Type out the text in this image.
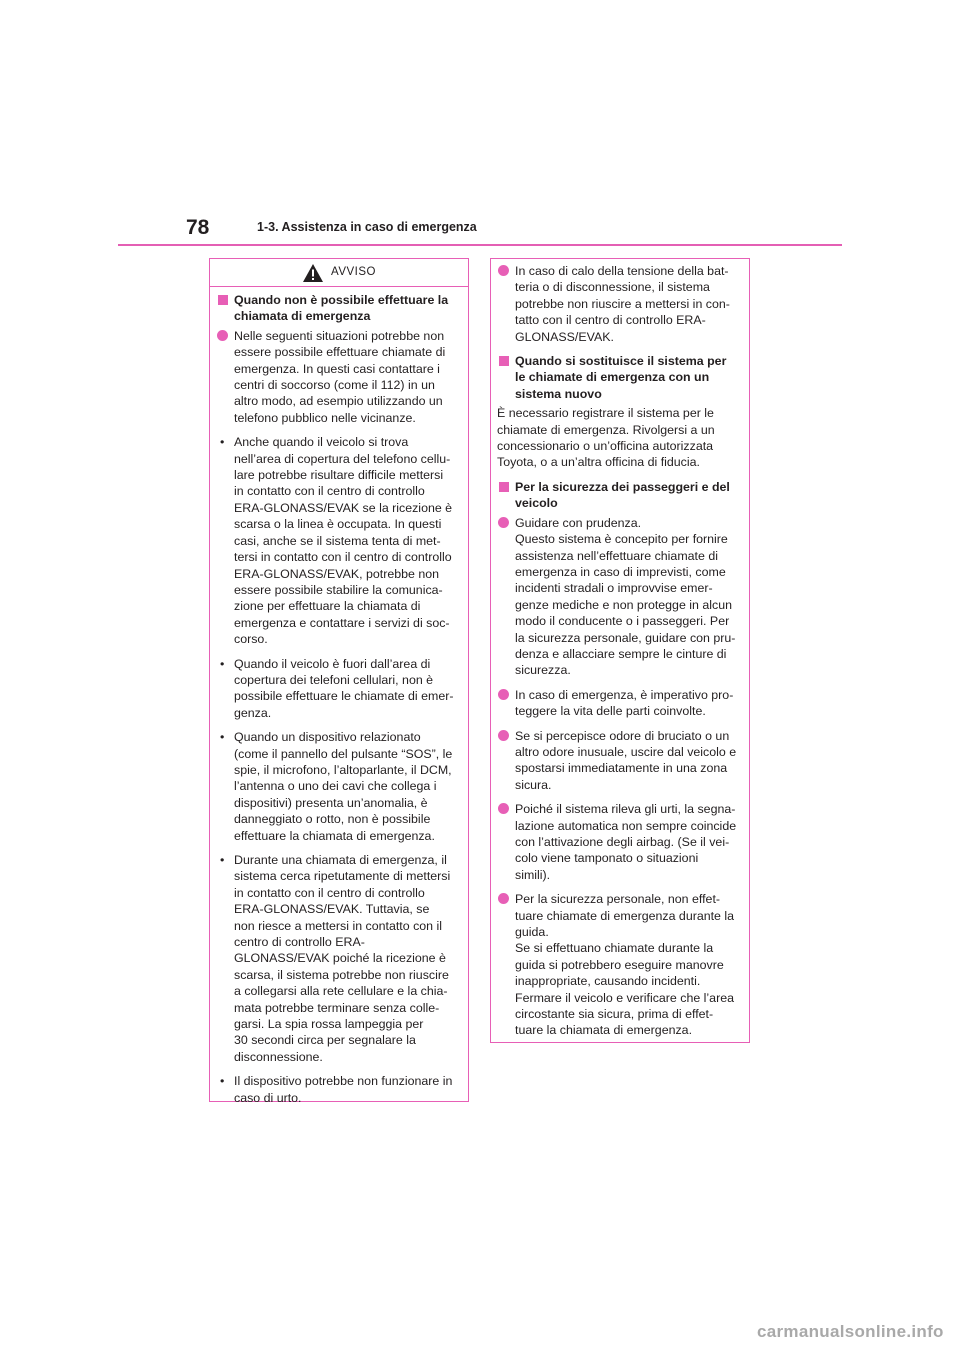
78	1-3. Assistenza in caso di emergenza
AVVISO
Quando non è possibile effettuare la chiamata di emergenza
Nelle seguenti situazioni potrebbe non essere possibile effettuare chiamate di emergenza. In questi casi contattare i centri di soccorso (come il 112) in un altro modo, ad esempio utilizzando un telefono pubblico nelle vicinanze.
• Anche quando il veicolo si trova
nell’area di copertura del telefono cellu-
lare potrebbe risultare difficile mettersi
in contatto con il centro di controllo
ERA-GLONASS/EVAK se la ricezione è
scarsa o la linea è occupata. In questi
casi, anche se il sistema tenta di met-
tersi in contatto con il centro di controllo
ERA-GLONASS/EVAK, potrebbe non
essere possibile stabilire la comunica-
zione per effettuare la chiamata di
emergenza e contattare i servizi di soc-
corso.
• Quando il veicolo è fuori dall’area di
copertura dei telefoni cellulari, non è
possibile effettuare le chiamate di emer-
genza.
• Quando un dispositivo relazionato
(come il pannello del pulsante “SOS”, le
spie, il microfono, l’altoparlante, il DCM,
l’antenna o uno dei cavi che collega i
dispositivi) presenta un’anomalia, è
danneggiato o rotto, non è possibile
effettuare la chiamata di emergenza.
• Durante una chiamata di emergenza, il
sistema cerca ripetutamente di mettersi
in contatto con il centro di controllo
ERA-GLONASS/EVAK. Tuttavia, se
non riesce a mettersi in contatto con il
centro di controllo ERA-
GLONASS/EVAK poiché la ricezione è
scarsa, il sistema potrebbe non riuscire
a collegarsi alla rete cellulare e la chia-
mata potrebbe terminare senza colle-
garsi. La spia rossa lampeggia per
30 secondi circa per segnalare la
disconnessione.
• Il dispositivo potrebbe non funzionare in
caso di urto.
In caso di calo della tensione della bat-
teria o di disconnessione, il sistema
potrebbe non riuscire a mettersi in con-
tatto con il centro di controllo ERA-
GLONASS/EVAK.
Quando si sostituisce il sistema per
le chiamate di emergenza con un
sistema nuovo
È necessario registrare il sistema per le
chiamate di emergenza. Rivolgersi a un
concessionario o un’officina autorizzata
Toyota, o a un’altra officina di fiducia.
Per la sicurezza dei passeggeri e del
veicolo
Guidare con prudenza.
Questo sistema è concepito per fornire
assistenza nell’effettuare chiamate di
emergenza in caso di imprevisti, come
incidenti stradali o improvvise emer-
genze mediche e non protegge in alcun
modo il conducente o i passeggeri. Per
la sicurezza personale, guidare con pru-
denza e allacciare sempre le cinture di
sicurezza.
In caso di emergenza, è imperativo pro-
teggere la vita delle parti coinvolte.
Se si percepisce odore di bruciato o un
altro odore inusuale, uscire dal veicolo e
spostarsi immediatamente in una zona
sicura.
Poiché il sistema rileva gli urti, la segna-
lazione automatica non sempre coincide
con l’attivazione degli airbag. (Se il vei-
colo viene tamponato o situazioni
simili).
Per la sicurezza personale, non effet-
tuare chiamate di emergenza durante la
guida.
Se si effettuano chiamate durante la
guida si potrebbero eseguire manovre
inappropriate, causando incidenti.
Fermare il veicolo e verificare che l’area
circostante sia sicura, prima di effet-
tuare la chiamata di emergenza.
carmanualsonline.info
